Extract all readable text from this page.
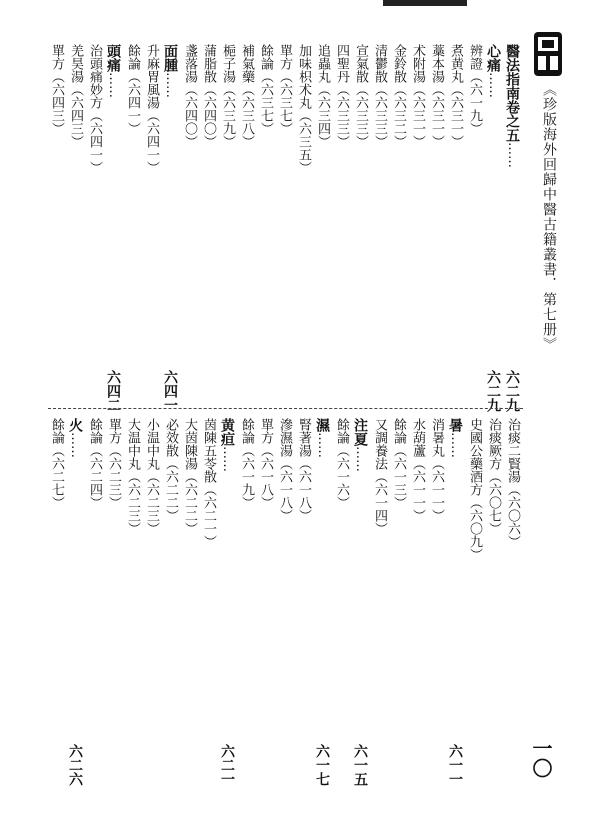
《珍版海外回歸中醫古籍叢書．第七册》
醫法指南卷之五……
六二九
心痛……
六二九
辨證（六一九）
煮黄丸（六三一）
藁本湯（六三一）
术附湯（六三一）
金鈴散（六三二）
清鬱散（六三三）
宣氣散（六三三）
四聖丹（六三三）
追蟲丸（六三四）
加味枳术丸（六三五）
單方（六三七）
餘論（六三七）
補氣藥（六三八）
梔子湯（六三九）
蒲脂散（六四〇）
盞落湯（六四〇）
面腫……
六四一
升麻胃風湯（六四一）
餘論（六四一）
頭痛……
六四二
治頭痛妙方（六四一）
羌昊湯（六四三）
單方（六四三）
治痰二賢湯（六〇六）
治痰厥方（六〇七）
史國公藥酒方（六〇九）
暑……
六一一
消暑丸（六一一）
水葫蘆（六一一）
餘論（六一三）
又調養法（六一四）
注夏……
六一五
餘論（六一六）
濕……
六一七
腎著湯（六一八）
滲濕湯（六一八）
單方（六一八）
餘論（六一九）
黄疸……
六二一
茵陳五苓散（六二一）
大茵陳湯（六二二）
必效散（六二二）
小温中丸（六二三）
大温中丸（六二三）
單方（六二三）
餘論（六二四）
火……
六二六
餘論（六二七）
一〇
